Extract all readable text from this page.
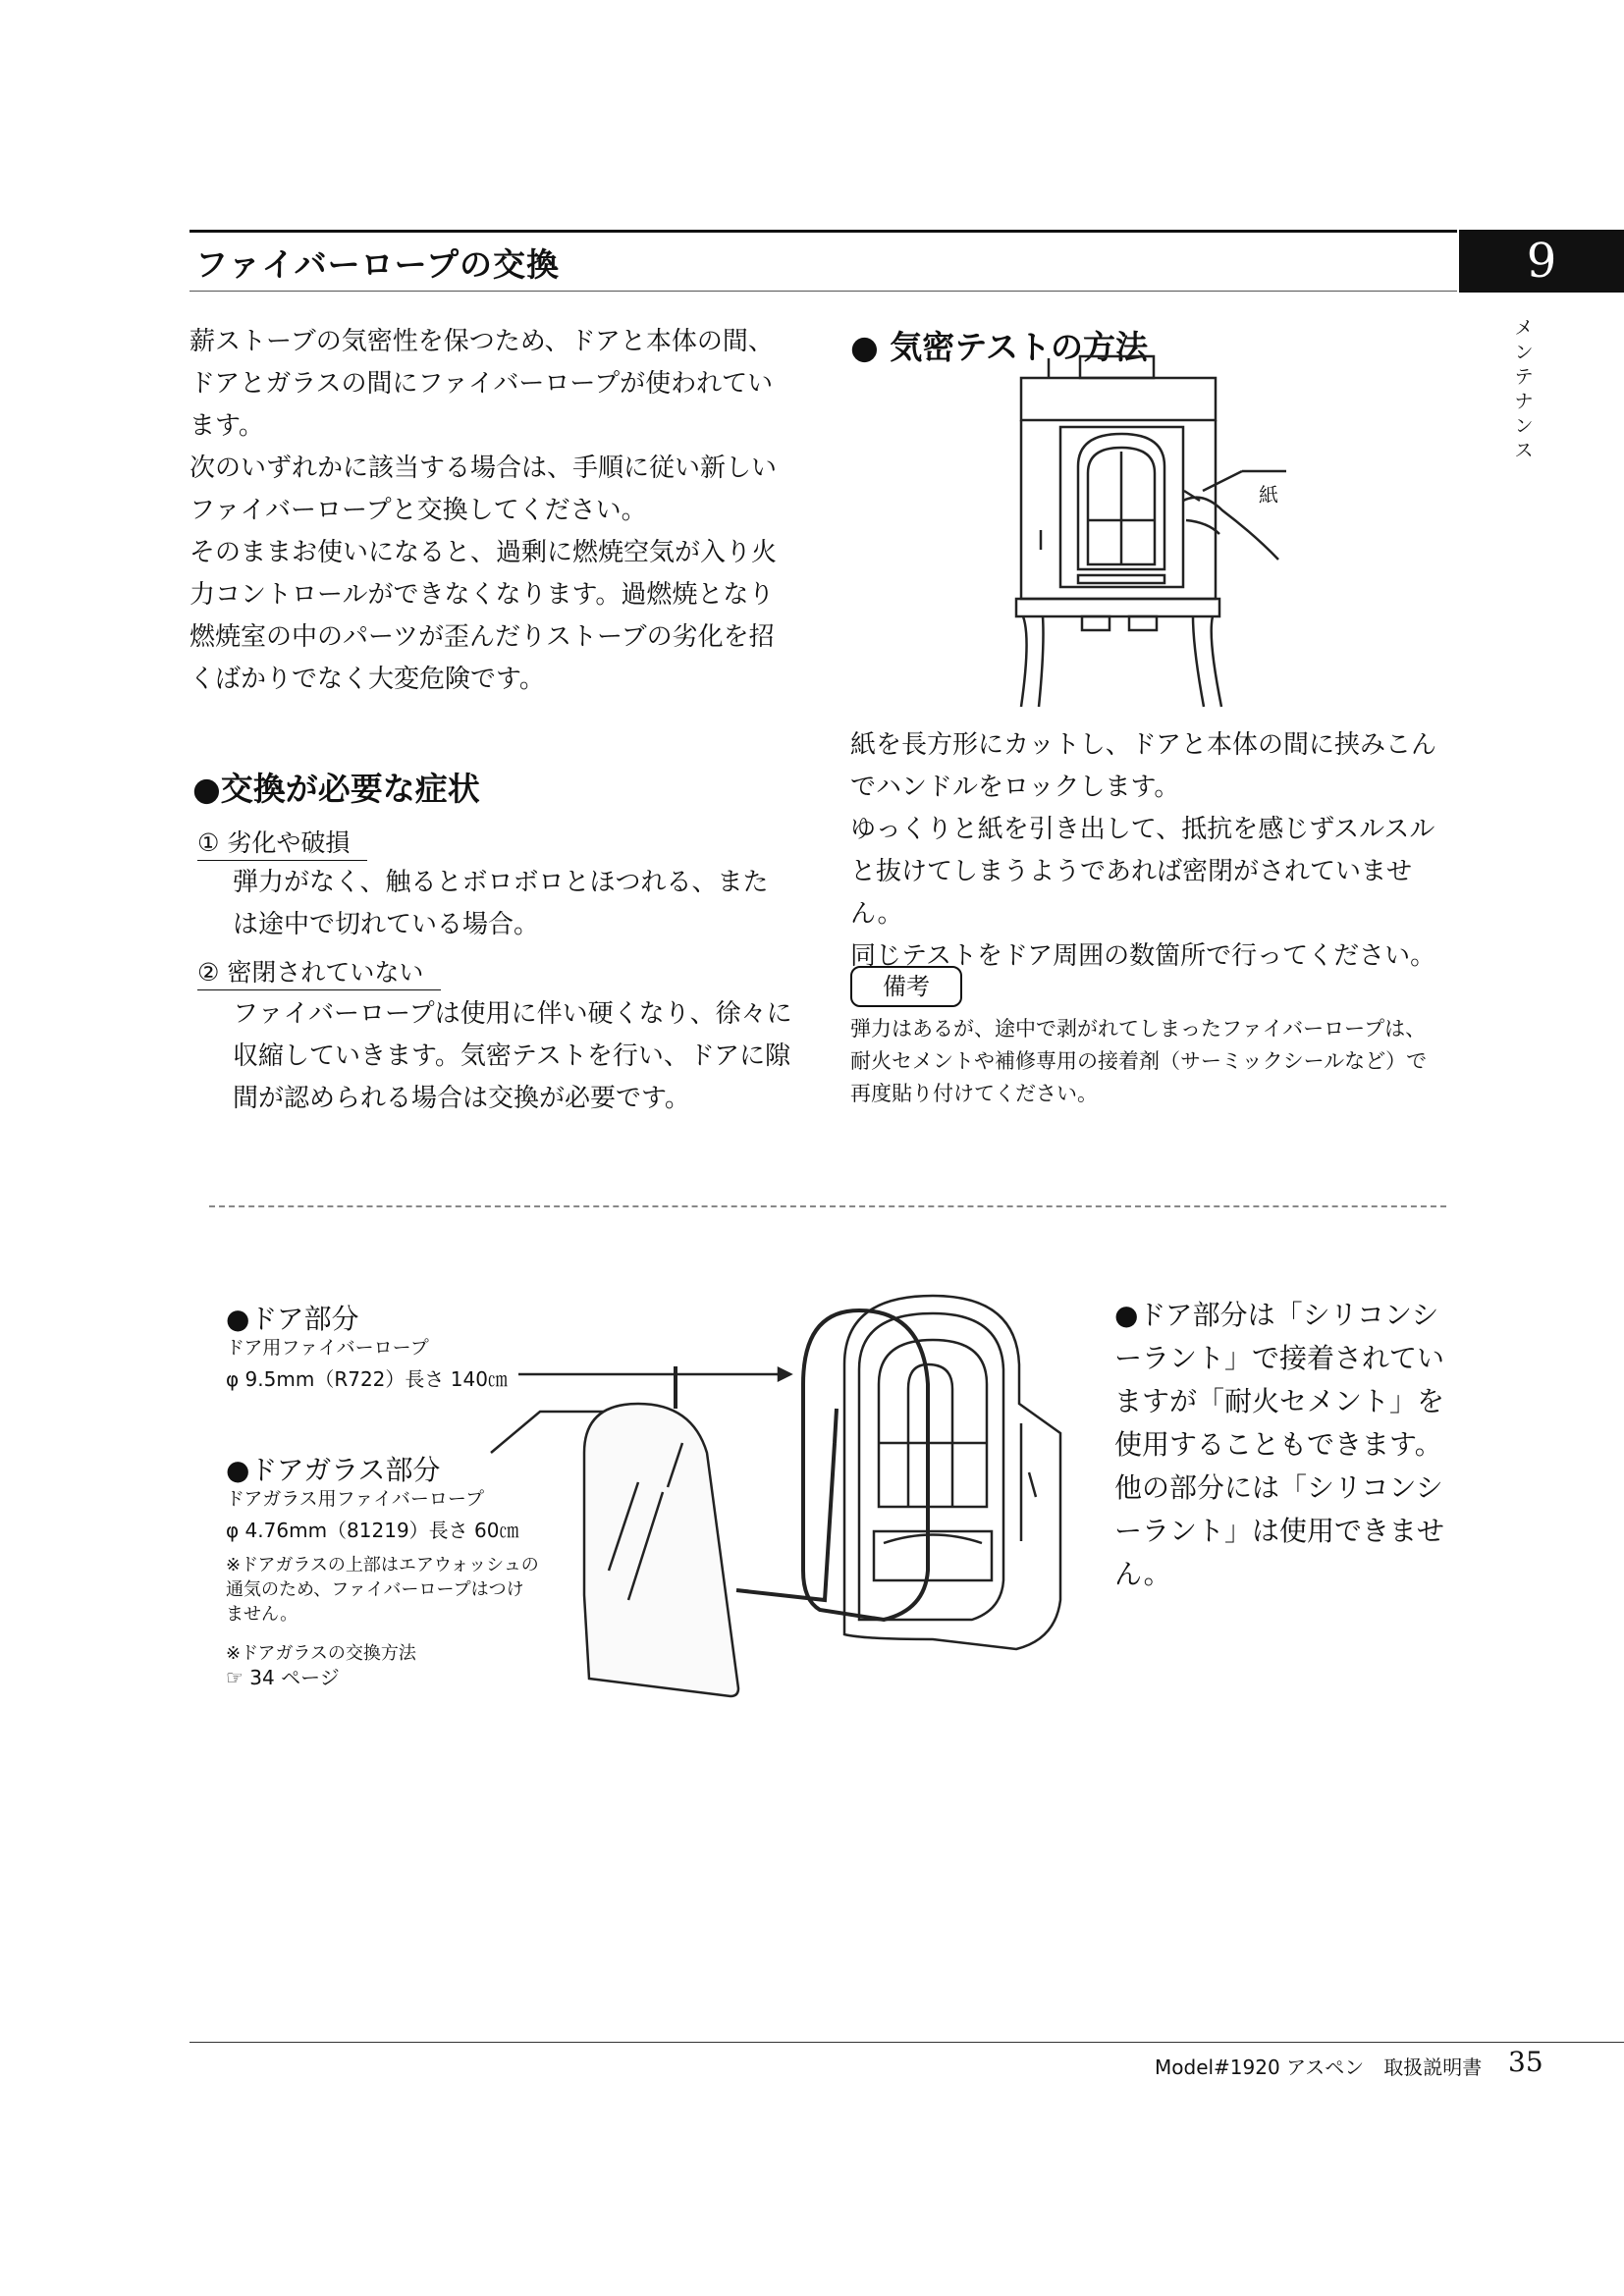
ファイバーロープの交換	9
メンテナンス

薪ストーブの気密性を保つため、ドアと本体の間、ドアとガラスの間にファイバーロープが使われています。

次のいずれかに該当する場合は、手順に従い新しいファイバーロープと交換してください。

そのままお使いになると、過剰に燃焼空気が入り火力コントロールができなくなります。過燃焼となり燃焼室の中のパーツが歪んだりストーブの劣化を招くばかりでなく大変危険です。

●交換が必要な症状
① 劣化や破損
弾力がなく、触るとボロボロとほつれる、または途中で切れている場合。
② 密閉されていない
ファイバーロープは使用に伴い硬くなり、徐々に収縮していきます。気密テストを行い、ドアに隙間が認められる場合は交換が必要です。
● 気密テストの方法
紙
紙を長方形にカットし、ドアと本体の間に挟みこんでハンドルをロックします。
ゆっくりと紙を引き出して、抵抗を感じずスルスルと抜けてしまうようであれば密閉がされていません。
同じテストをドア周囲の数箇所で行ってください。
備考
弾力はあるが、途中で剥がれてしまったファイバーロープは、耐火セメントや補修専用の接着剤（サーミックシールなど）で再度貼り付けてください。
●ドア部分
ドア用ファイバーロープ
φ 9.5mm（R722）長さ 140㎝
●ドアガラス部分
ドアガラス用ファイバーロープ
φ 4.76mm（81219）長さ 60㎝
※ドアガラスの上部はエアウォッシュの通気のため、ファイバーロープはつけません。
※ドアガラスの交換方法
☞ 34 ページ
●ドア部分は「シリコンシーラント」で接着されていますが「耐火セメント」を使用することもできます。他の部分には「シリコンシーラント」は使用できません。
Model#1920 アスペン　取扱説明書 35
